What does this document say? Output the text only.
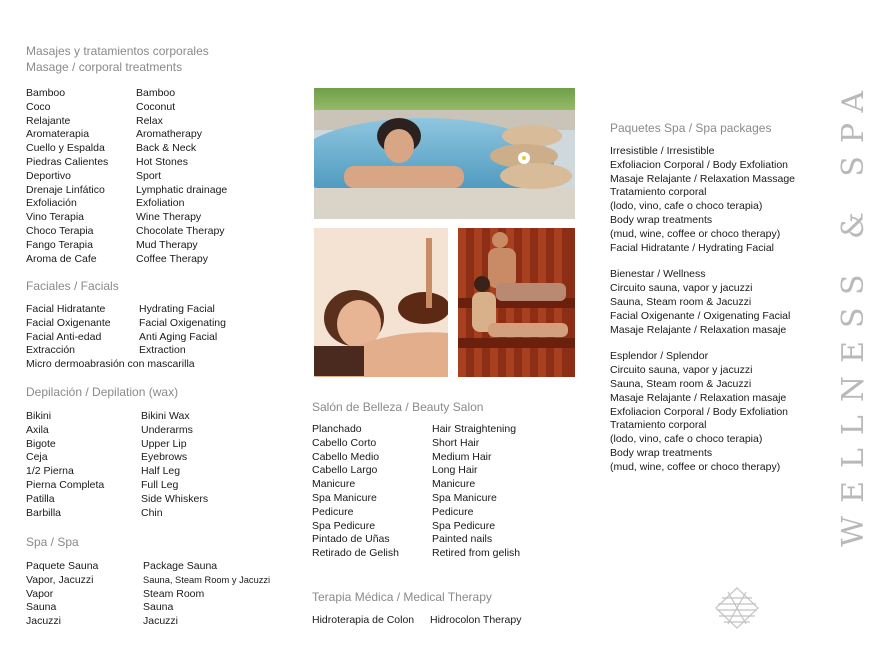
Masajes y tratamientos corporales
Masage / corporal treatments
Bamboo
Coco
Relajante
Aromaterapia
Cuello y Espalda
Piedras Calientes
Deportivo
Drenaje Linfático
Exfoliación
Vino Terapia
Choco Terapia
Fango Terapia
Aroma de Cafe
Bamboo
Coconut
Relax
Aromatherapy
Back & Neck
Hot Stones
Sport
Lymphatic drainage
Exfoliation
Wine Therapy
Chocolate Therapy
Mud Therapy
Coffee Therapy
Faciales / Facials
Facial Hidratante
Facial Oxigenante
Facial Anti-edad
Extracción
Hydrating Facial
Facial Oxigenating
Anti Aging Facial
Extraction
Micro dermoabrasión con mascarilla
Depilación / Depilation (wax)
Bikini
Axila
Bigote
Ceja
1/2 Pierna
Pierna Completa
Patilla
Barbilla
Bikini Wax
Underarms
Upper Lip
Eyebrows
Half Leg
Full Leg
Side Whiskers
Chin
Spa / Spa
Paquete Sauna
Vapor, Jacuzzi
Vapor
Sauna
Jacuzzi
Package Sauna
Sauna, Steam Room y Jacuzzi
Steam Room
Sauna
Jacuzzi
Salón de Belleza / Beauty Salon
Planchado
Cabello Corto
Cabello Medio
Cabello Largo
Manicure
Spa Manicure
Pedicure
Spa Pedicure
Pintado de Uñas
Retirado de Gelish
Hair Straightening
Short Hair
Medium Hair
Long Hair
Manicure
Spa Manicure
Pedicure
Spa Pedicure
Painted nails
Retired from gelish
Terapia Médica / Medical Therapy
Hidroterapia de Colon Hidrocolon Therapy
Paquetes Spa / Spa packages
Irresistible / Irresistible
Exfoliacion Corporal / Body Exfoliation
Masaje Relajante / Relaxation Massage
Tratamiento corporal
(lodo, vino, cafe o choco terapia)
Body wrap treatments
(mud, wine, coffee or choco therapy)
Facial Hidratante / Hydrating Facial
Bienestar / Wellness
Circuito sauna, vapor y jacuzzi
Sauna, Steam room & Jacuzzi
Facial Oxigenante / Oxigenating Facial
Masaje Relajante / Relaxation masaje
Esplendor / Splendor
Circuito sauna, vapor y jacuzzi
Sauna, Steam room & Jacuzzi
Masaje Relajante / Relaxation masaje
Exfoliacion Corporal / Body Exfoliation
Tratamiento corporal
(lodo, vino, cafe o choco terapia)
Body wrap treatments
(mud, wine, coffee or choco therapy)	WELLNESS & SPA
